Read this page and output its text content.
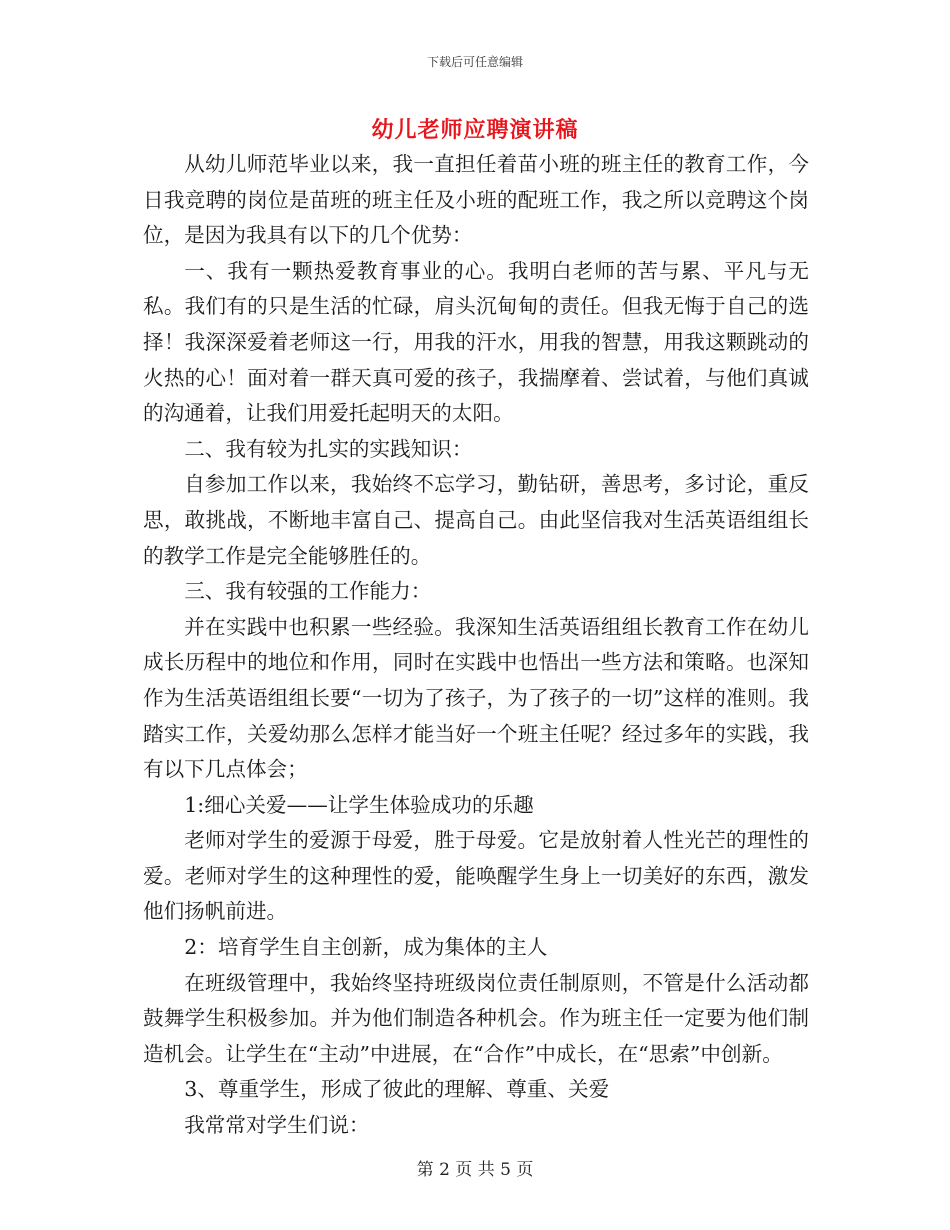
下载后可任意编辑
幼儿老师应聘演讲稿

从幼儿师范毕业以来，我一直担任着苗小班的班主任的教育工作，今日我竞聘的岗位是苗班的班主任及小班的配班工作，我之所以竞聘这个岗位，是因为我具有以下的几个优势：

一、我有一颗热爱教育事业的心。我明白老师的苦与累、平凡与无私。我们有的只是生活的忙碌，肩头沉甸甸的责任。但我无悔于自己的选择！我深深爱着老师这一行，用我的汗水，用我的智慧，用我这颗跳动的火热的心！面对着一群天真可爱的孩子，我揣摩着、尝试着，与他们真诚的沟通着，让我们用爱托起明天的太阳。

二、我有较为扎实的实践知识：

自参加工作以来，我始终不忘学习，勤钻研，善思考，多讨论，重反思，敢挑战，不断地丰富自己、提高自己。由此坚信我对生活英语组组长的教学工作是完全能够胜任的。

三、我有较强的工作能力：

并在实践中也积累一些经验。我深知生活英语组组长教育工作在幼儿成长历程中的地位和作用，同时在实践中也悟出一些方法和策略。也深知作为生活英语组组长要“一切为了孩子，为了孩子的一切”这样的准则。我踏实工作，关爱幼那么怎样才能当好一个班主任呢？经过多年的实践，我有以下几点体会；

1:细心关爱——让学生体验成功的乐趣

老师对学生的爱源于母爱，胜于母爱。它是放射着人性光芒的理性的爱。老师对学生的这种理性的爱，能唤醒学生身上一切美好的东西，激发他们扬帆前进。

2：培育学生自主创新，成为集体的主人

在班级管理中，我始终坚持班级岗位责任制原则，不管是什么活动都鼓舞学生积极参加。并为他们制造各种机会。作为班主任一定要为他们制造机会。让学生在“主动”中进展，在“合作”中成长，在“思索”中创新。

3、尊重学生，形成了彼此的理解、尊重、关爱

我常常对学生们说：

第 2 页 共 5 页
